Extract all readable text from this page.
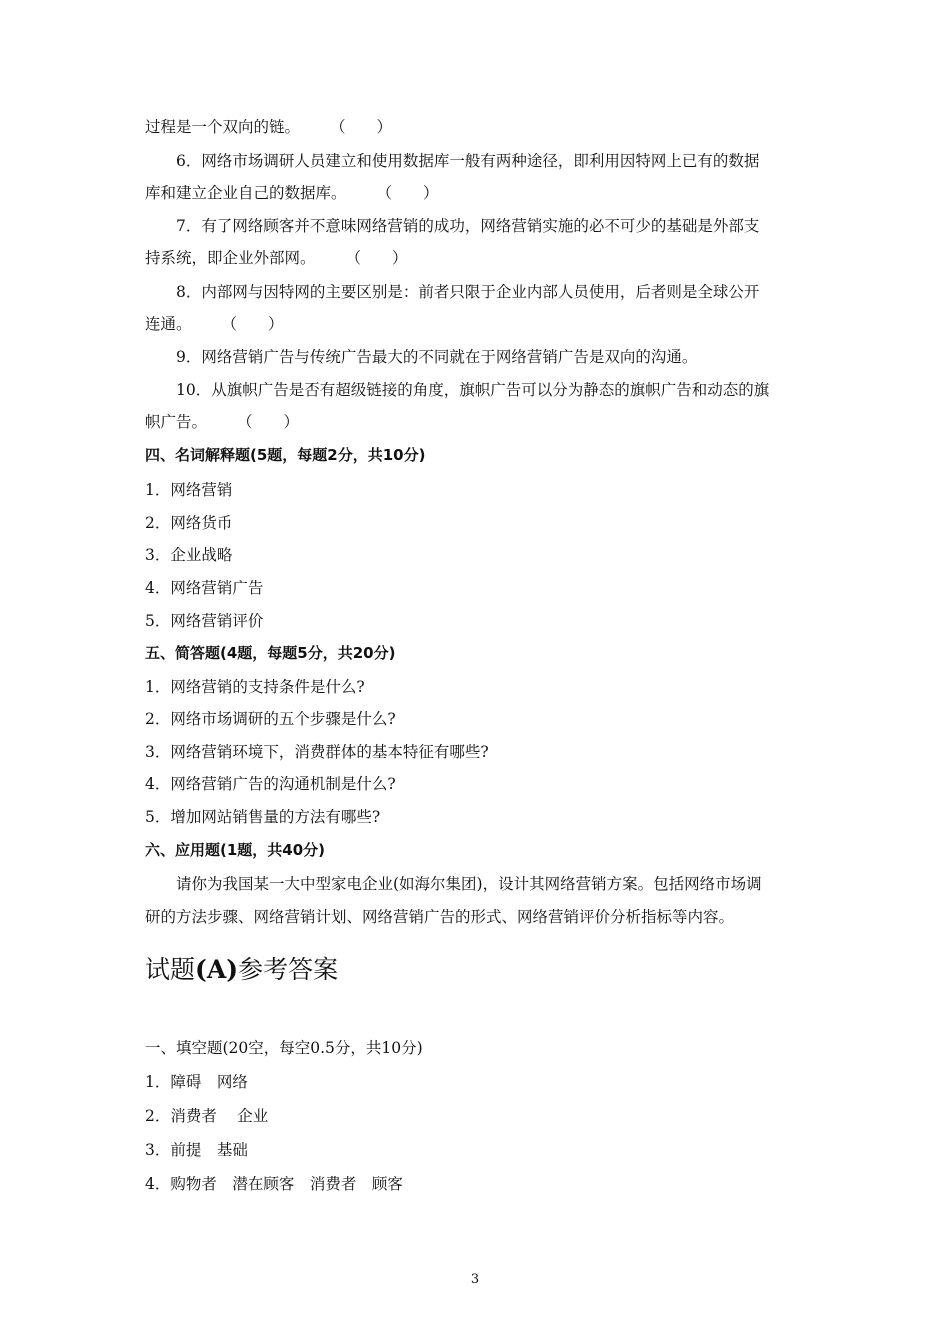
过程是一个双向的链。 （　　）
6．网络市场调研人员建立和使用数据库一般有两种途径，即利用因特网上已有的数据
库和建立企业自己的数据库。 （　　）
7．有了网络顾客并不意味网络营销的成功，网络营销实施的必不可少的基础是外部支
持系统，即企业外部网。 （　　）
8．内部网与因特网的主要区别是：前者只限于企业内部人员使用，后者则是全球公开
连通。 （　　）
9．网络营销广告与传统广告最大的不同就在于网络营销广告是双向的沟通。
10．从旗帜广告是否有超级链接的角度，旗帜广告可以分为静态的旗帜广告和动态的旗
帜广告。 （　　）
四、名词解释题(5题，每题2分，共10分)
1．网络营销
2．网络货币
3．企业战略
4．网络营销广告
5．网络营销评价
五、简答题(4题，每题5分，共20分)
1．网络营销的支持条件是什么?
2．网络市场调研的五个步骤是什么?
3．网络营销环境下，消费群体的基本特征有哪些?
4．网络营销广告的沟通机制是什么?
5．增加网站销售量的方法有哪些?
六、应用题(1题，共40分)
请你为我国某一大中型家电企业(如海尔集团)，设计其网络营销方案。包括网络市场调
研的方法步骤、网络营销计划、网络营销广告的形式、网络营销评价分析指标等内容。
试题(A)参考答案
一、填空题(20空，每空0.5分，共10分)
1．障碍　网络
2．消费者　 企业
3．前提　基础
4．购物者　潜在顾客　消费者　顾客
3
